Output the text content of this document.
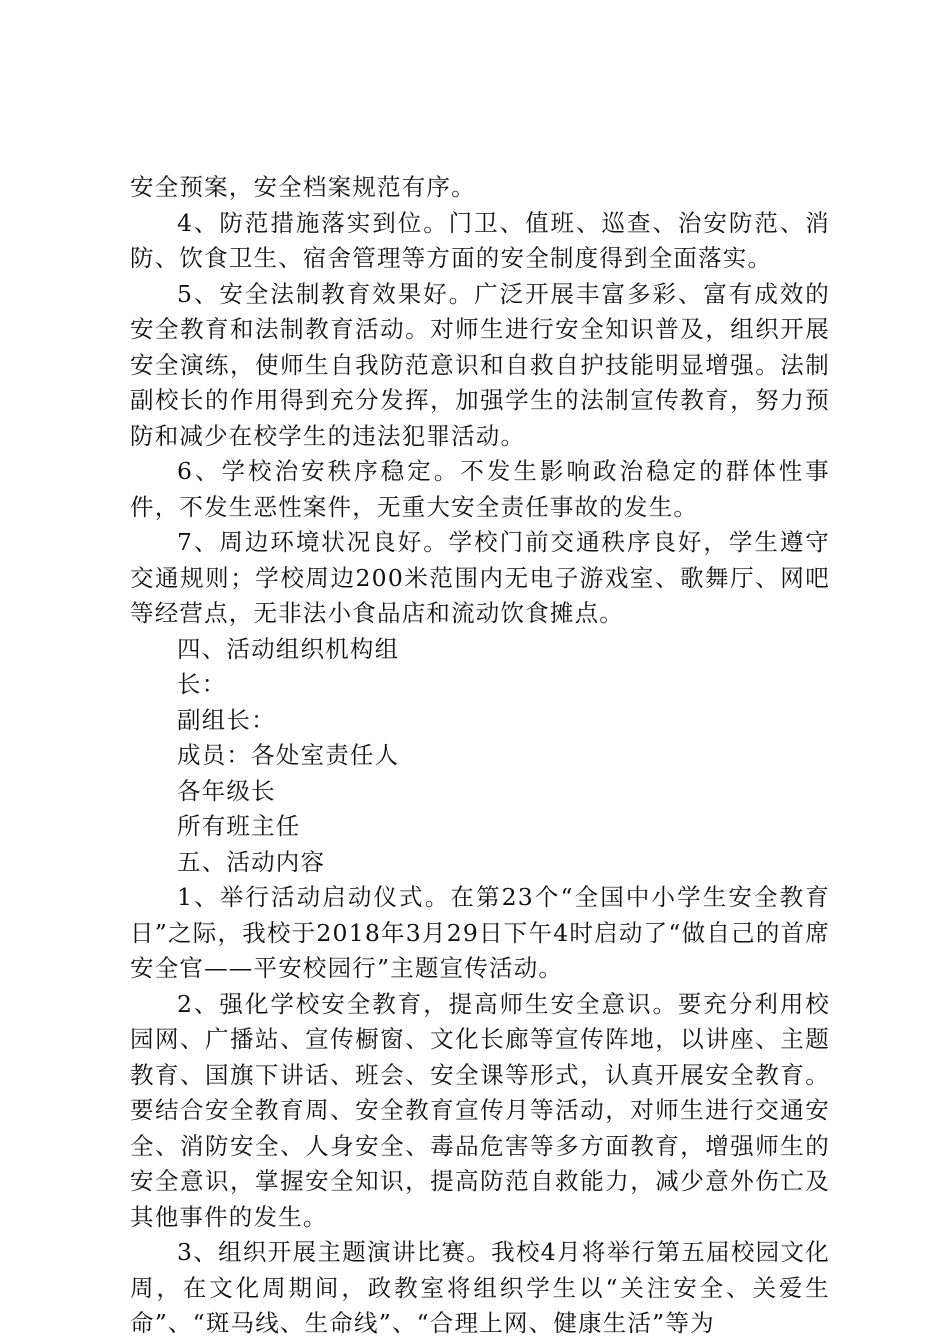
安全预案，安全档案规范有序。

4、防范措施落实到位。门卫、值班、巡查、治安防范、消防、饮食卫生、宿舍管理等方面的安全制度得到全面落实。

5、安全法制教育效果好。广泛开展丰富多彩、富有成效的安全教育和法制教育活动。对师生进行安全知识普及，组织开展安全演练，使师生自我防范意识和自救自护技能明显增强。法制副校长的作用得到充分发挥，加强学生的法制宣传教育，努力预防和减少在校学生的违法犯罪活动。

6、学校治安秩序稳定。不发生影响政治稳定的群体性事件，不发生恶性案件，无重大安全责任事故的发生。

7、周边环境状况良好。学校门前交通秩序良好，学生遵守交通规则；学校周边200米范围内无电子游戏室、歌舞厅、网吧等经营点，无非法小食品店和流动饮食摊点。

四、活动组织机构组

长：

副组长：

成员：各处室责任人

各年级长

所有班主任

五、活动内容

1、举行活动启动仪式。在第23个“全国中小学生安全教育日”之际，我校于2018年3月29日下午4时启动了“做自己的首席安全官——平安校园行”主题宣传活动。

2、强化学校安全教育，提高师生安全意识。要充分利用校园网、广播站、宣传橱窗、文化长廊等宣传阵地，以讲座、主题教育、国旗下讲话、班会、安全课等形式，认真开展安全教育。要结合安全教育周、安全教育宣传月等活动，对师生进行交通安全、消防安全、人身安全、毒品危害等多方面教育，增强师生的安全意识，掌握安全知识，提高防范自救能力，减少意外伤亡及其他事件的发生。

3、组织开展主题演讲比赛。我校4月将举行第五届校园文化周，在文化周期间，政教室将组织学生以“关注安全、关爱生命”、“斑马线、生命线”、“合理上网、健康生活”等为
